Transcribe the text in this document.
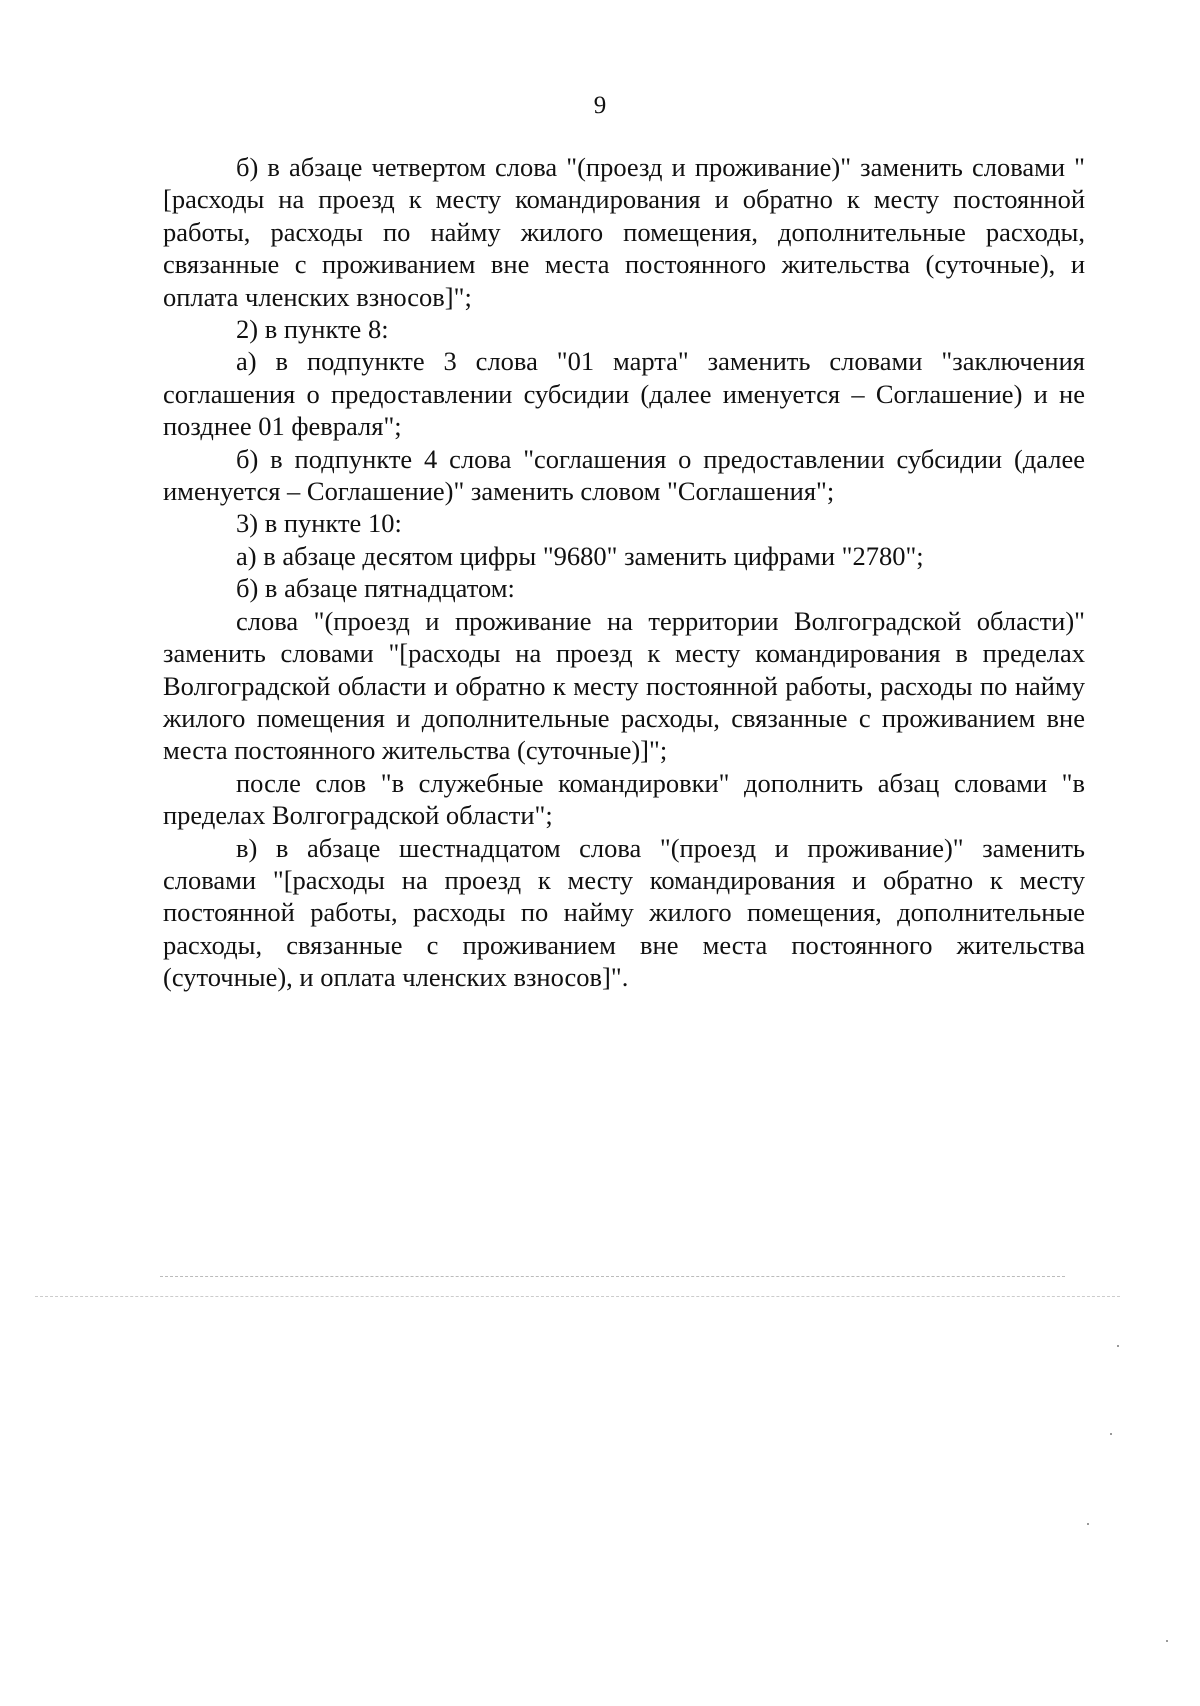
9

б) в абзаце четвертом слова "(проезд и проживание)" заменить словами "[расходы на проезд к месту командирования и обратно к месту постоянной работы, расходы по найму жилого помещения, дополнительные расходы, связанные с проживанием вне места постоянного жительства (суточные), и оплата членских взносов]";

2) в пункте 8:

а) в подпункте 3 слова "01 марта" заменить словами "заключения соглашения о предоставлении субсидии (далее именуется – Соглашение) и не позднее 01 февраля";

б) в подпункте 4 слова "соглашения о предоставлении субсидии (далее именуется – Соглашение)" заменить словом "Соглашения";

3) в пункте 10:

а) в абзаце десятом цифры "9680" заменить цифрами "2780";

б) в абзаце пятнадцатом:

слова "(проезд и проживание на территории Волгоградской области)" заменить словами "[расходы на проезд к месту командирования в пределах Волгоградской области и обратно к месту постоянной работы, расходы по найму жилого помещения и дополнительные расходы, связанные с проживанием вне места постоянного жительства (суточные)]";

после слов "в служебные командировки" дополнить абзац словами "в пределах Волгоградской области";

в) в абзаце шестнадцатом слова "(проезд и проживание)" заменить словами "[расходы на проезд к месту командирования и обратно к месту постоянной работы, расходы по найму жилого помещения, дополнительные расходы, связанные с проживанием вне места постоянного жительства (суточные), и оплата членских взносов]".
